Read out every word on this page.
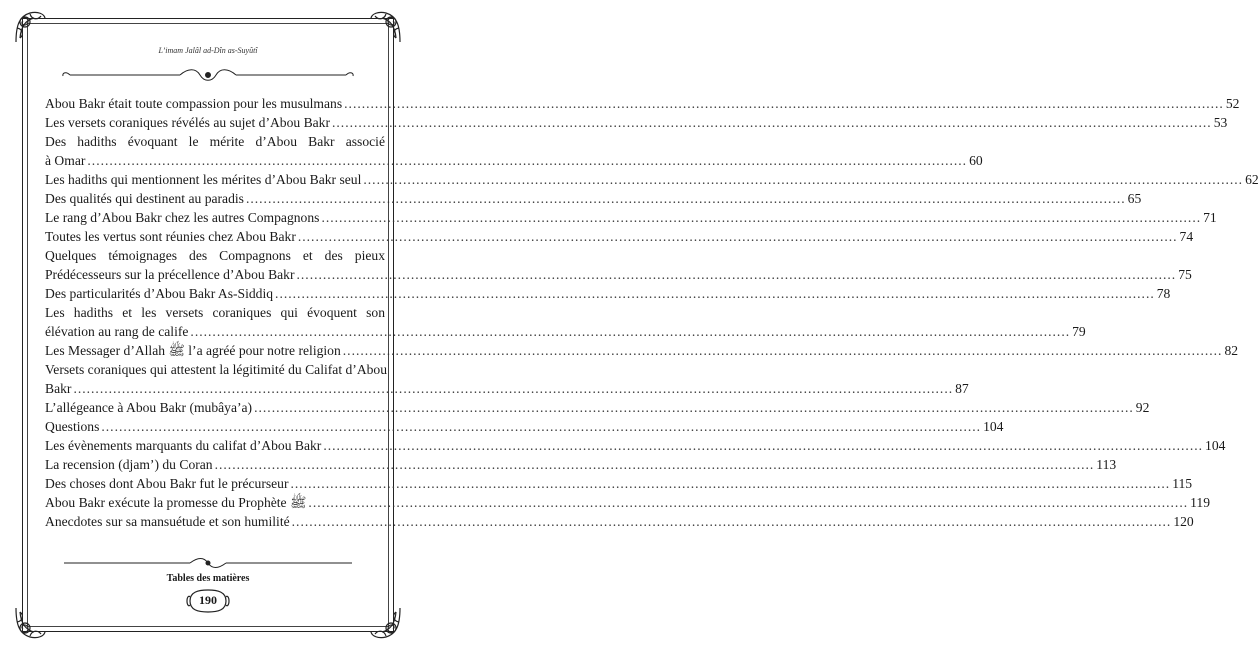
L’imam Jalâl ad-Dîn as-Suyûtî
Abou Bakr était toute compassion pour les musulmans ........................................................................................................................................................................................................ 52
Les versets coraniques révélés au sujet d’Abou Bakr ........................................................................................................................................................................................................ 53
Des hadiths évoquant le mérite d’Abou Bakr associé
à Omar ........................................................................................................................................................................................................ 60
Les hadiths qui mentionnent les mérites d’Abou Bakr seul ........................................................................................................................................................................................................ 62
Des qualités qui destinent au paradis ........................................................................................................................................................................................................ 65
Le rang d’Abou Bakr chez les autres Compagnons ........................................................................................................................................................................................................ 71
Toutes les vertus sont réunies chez Abou Bakr ........................................................................................................................................................................................................ 74
Quelques témoignages des Compagnons et des pieux
Prédécesseurs sur la précellence d’Abou Bakr ........................................................................................................................................................................................................ 75
Des particularités d’Abou Bakr As-Siddiq ........................................................................................................................................................................................................ 78
Les hadiths et les versets coraniques qui évoquent son
élévation au rang de calife ........................................................................................................................................................................................................ 79
Les Messager d’Allah ﷺ l’a agréé pour notre religion ........................................................................................................................................................................................................ 82
Versets coraniques qui attestent la légitimité du Califat d’Abou
Bakr ........................................................................................................................................................................................................ 87
L’allégeance à Abou Bakr (mubâya’a) ........................................................................................................................................................................................................ 92
Questions ........................................................................................................................................................................................................ 104
Les évènements marquants du califat d’Abou Bakr ........................................................................................................................................................................................................ 104
La recension (djam’) du Coran ........................................................................................................................................................................................................ 113
Des choses dont Abou Bakr fut le précurseur ........................................................................................................................................................................................................ 115
Abou Bakr exécute la promesse du Prophète ﷺ ........................................................................................................................................................................................................ 119
Anecdotes sur sa mansuétude et son humilité ........................................................................................................................................................................................................ 120
Tables des matières
190
